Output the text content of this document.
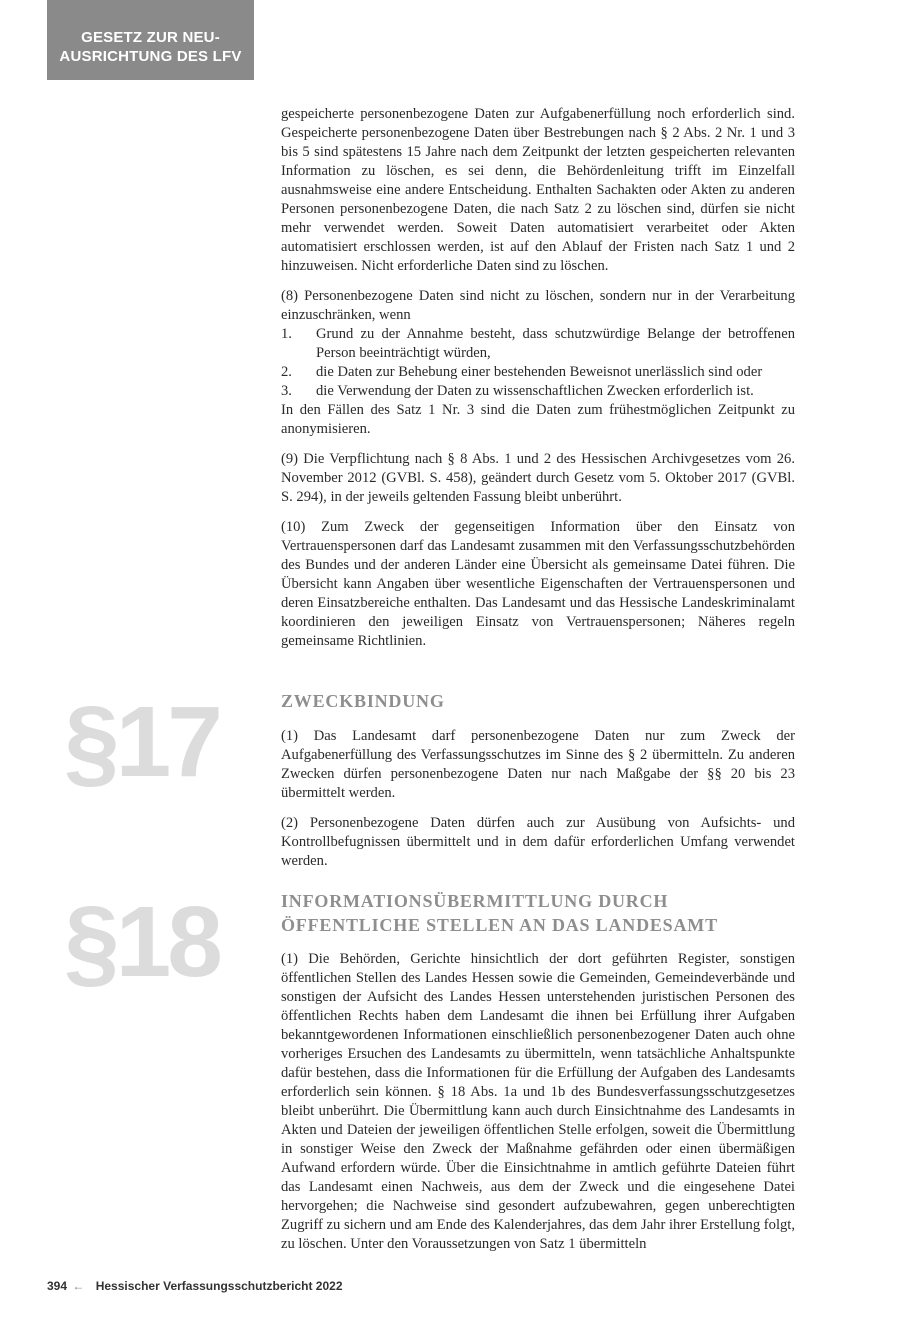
GESETZ ZUR NEU-
AUSRICHTUNG DES LFV

gespeicherte personenbezogene Daten zur Aufgabenerfüllung noch erforderlich sind. Gespeicherte personenbezogene Daten über Bestrebungen nach § 2 Abs. 2 Nr. 1 und 3 bis 5 sind spätestens 15 Jahre nach dem Zeitpunkt der letzten gespeicherten relevanten Information zu löschen, es sei denn, die Behördenleitung trifft im Einzelfall ausnahmsweise eine andere Entscheidung. Enthalten Sachakten oder Akten zu anderen Personen personenbezogene Daten, die nach Satz 2 zu löschen sind, dürfen sie nicht mehr verwendet werden. Soweit Daten automatisiert verarbeitet oder Akten automatisiert erschlossen werden, ist auf den Ablauf der Fristen nach Satz 1 und 2 hinzuweisen. Nicht erforderliche Daten sind zu löschen.

(8) Personenbezogene Daten sind nicht zu löschen, sondern nur in der Verarbeitung einzuschränken, wenn

1.	Grund zu der Annahme besteht, dass schutzwürdige Belange der betroffenen Person beeinträchtigt würden,
2.	die Daten zur Behebung einer bestehenden Beweisnot unerlässlich sind oder
3.	die Verwendung der Daten zu wissenschaftlichen Zwecken erforderlich ist.

In den Fällen des Satz 1 Nr. 3 sind die Daten zum frühestmöglichen Zeitpunkt zu anonymisieren.

(9) Die Verpflichtung nach § 8 Abs. 1 und 2 des Hessischen Archivgesetzes vom 26. November 2012 (GVBl. S. 458), geändert durch Gesetz vom 5. Oktober 2017 (GVBl. S. 294), in der jeweils geltenden Fassung bleibt unberührt.

(10) Zum Zweck der gegenseitigen Information über den Einsatz von Vertrauenspersonen darf das Landesamt zusammen mit den Verfassungsschutzbehörden des Bundes und der anderen Länder eine Übersicht als gemeinsame Datei führen. Die Übersicht kann Angaben über wesentliche Eigenschaften der Vertrauenspersonen und deren Einsatzbereiche enthalten. Das Landesamt und das Hessische Landeskriminalamt koordinieren den jeweiligen Einsatz von Vertrauenspersonen; Näheres regeln gemeinsame Richtlinien.

§17	ZWECKBINDUNG

(1) Das Landesamt darf personenbezogene Daten nur zum Zweck der Aufgabenerfüllung des Verfassungsschutzes im Sinne des § 2 übermitteln. Zu anderen Zwecken dürfen personenbezogene Daten nur nach Maßgabe der §§ 20 bis 23 übermittelt werden.

(2) Personenbezogene Daten dürfen auch zur Ausübung von Aufsichts- und Kontrollbefugnissen übermittelt und in dem dafür erforderlichen Umfang verwendet werden.

§18	INFORMATIONSÜBERMITTLUNG DURCH
ÖFFENTLICHE STELLEN AN DAS LANDESAMT

(1) Die Behörden, Gerichte hinsichtlich der dort geführten Register, sonstigen öffentlichen Stellen des Landes Hessen sowie die Gemeinden, Gemeindeverbände und sonstigen der Aufsicht des Landes Hessen unterstehenden juristischen Personen des öffentlichen Rechts haben dem Landesamt die ihnen bei Erfüllung ihrer Aufgaben bekanntgewordenen Informationen einschließlich personenbezogener Daten auch ohne vorheriges Ersuchen des Landesamts zu übermitteln, wenn tatsächliche Anhaltspunkte dafür bestehen, dass die Informationen für die Erfüllung der Aufgaben des Landesamts erforderlich sein können. § 18 Abs. 1a und 1b des Bundesverfassungsschutzgesetzes bleibt unberührt. Die Übermittlung kann auch durch Einsichtnahme des Landesamts in Akten und Dateien der jeweiligen öffentlichen Stelle erfolgen, soweit die Übermittlung in sonstiger Weise den Zweck der Maßnahme gefährden oder einen übermäßigen Aufwand erfordern würde. Über die Einsichtnahme in amtlich geführte Dateien führt das Landesamt einen Nachweis, aus dem der Zweck und die eingesehene Datei hervorgehen; die Nachweise sind gesondert aufzubewahren, gegen unberechtigten Zugriff zu sichern und am Ende des Kalenderjahres, das dem Jahr ihrer Erstellung folgt, zu löschen. Unter den Voraussetzungen von Satz 1 übermitteln

394 ← Hessischer Verfassungsschutzbericht 2022
